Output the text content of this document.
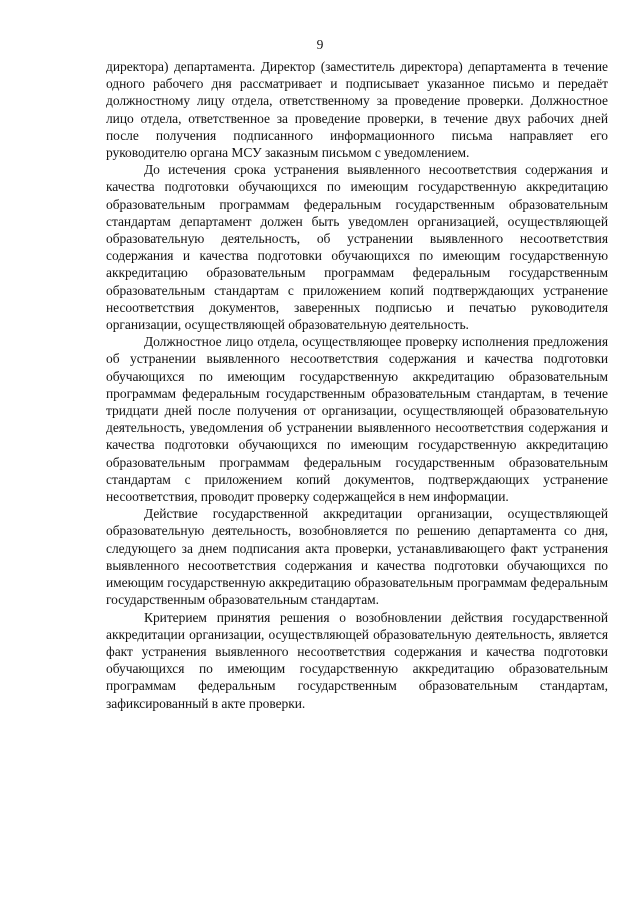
9

директора) департамента. Директор (заместитель директора) департамента в течение одного рабочего дня рассматривает и подписывает указанное письмо и передаёт должностному лицу отдела, ответственному за проведение проверки. Должностное лицо отдела, ответственное за проведение проверки, в течение двух рабочих дней после получения подписанного информационного письма направляет его руководителю органа МСУ заказным письмом с уведомлением.

До истечения срока устранения выявленного несоответствия содержания и качества подготовки обучающихся по имеющим государственную аккредитацию образовательным программам федеральным государственным образовательным стандартам департамент должен быть уведомлен организацией, осуществляющей образовательную деятельность, об устранении выявленного несоответствия содержания и качества подготовки обучающихся по имеющим государственную аккредитацию образовательным программам федеральным государственным образовательным стандартам с приложением копий подтверждающих устранение несоответствия документов, заверенных подписью и печатью руководителя организации, осуществляющей образовательную деятельность.

Должностное лицо отдела, осуществляющее проверку исполнения предложения об устранении выявленного несоответствия содержания и качества подготовки обучающихся по имеющим государственную аккредитацию образовательным программам федеральным государственным образовательным стандартам, в течение тридцати дней после получения от организации, осуществляющей образовательную деятельность, уведомления об устранении выявленного несоответствия содержания и качества подготовки обучающихся по имеющим государственную аккредитацию образовательным программам федеральным государственным образовательным стандартам с приложением копий документов, подтверждающих устранение несоответствия, проводит проверку содержащейся в нем информации.

Действие государственной аккредитации организации, осуществляющей образовательную деятельность, возобновляется по решению департамента со дня, следующего за днем подписания акта проверки, устанавливающего факт устранения выявленного несоответствия содержания и качества подготовки обучающихся по имеющим государственную аккредитацию образовательным программам федеральным государственным образовательным стандартам.

Критерием принятия решения о возобновлении действия государственной аккредитации организации, осуществляющей образовательную деятельность, является факт устранения выявленного несоответствия содержания и качества подготовки обучающихся по имеющим государственную аккредитацию образовательным программам федеральным государственным образовательным стандартам, зафиксированный в акте проверки.
